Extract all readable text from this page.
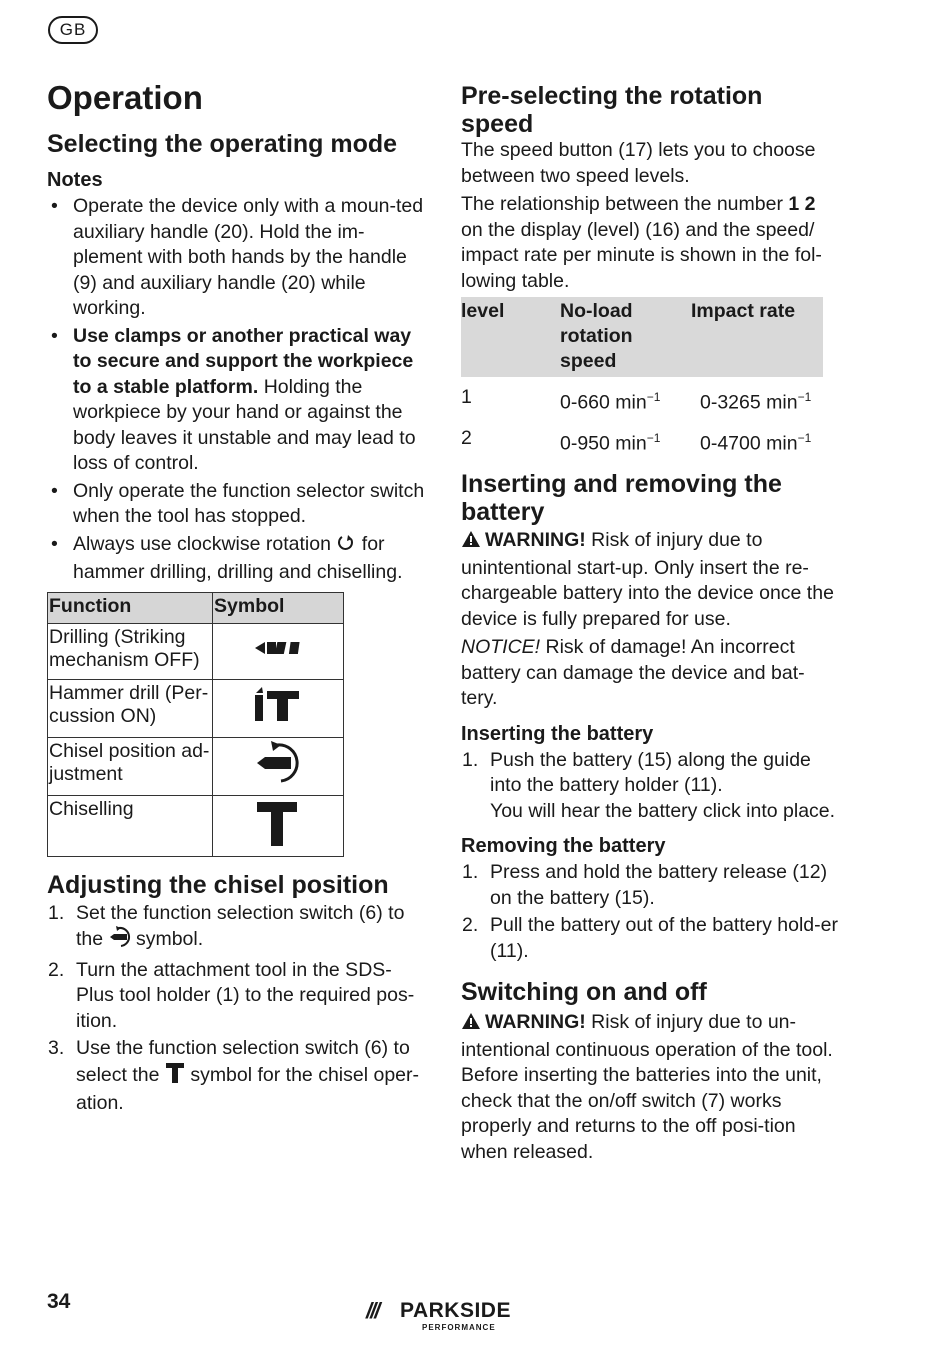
GB
Operation
Selecting the operating mode
Notes
• Operate the device only with a moun-ted auxiliary handle (20). Hold the im-plement with both hands by the handle (9) and auxiliary handle (20) while working.
• Use clamps or another practical way to secure and support the workpiece to a stable platform. Holding the workpiece by your hand or against the body leaves it unstable and may lead to loss of control.
• Only operate the function selector switch when the tool has stopped.
• Always use clockwise rotation for hammer drilling, drilling and chiselling.
Function	Symbol
Drilling (Striking mechanism OFF)	
Hammer drill (Per-cussion ON)	
Chisel position ad-justment	
Chiselling	
Adjusting the chisel position
1. Set the function selection switch (6) to the symbol.
2. Turn the attachment tool in the SDS-Plus tool holder (1) to the required pos-ition.
3. Use the function selection switch (6) to select the symbol for the chisel oper-ation.
Pre-selecting the rotation speed

The speed button (17) lets you to choose between two speed levels.

The relationship between the number 1 2 on the display (level) (16) and the speed/ impact rate per minute is shown in the fol-lowing table.

level	No-load rotation speed	Impact rate
1	0-660 $\min^{-1}$	0-3265 $\min^{-1}$
2	0-950 $\min^{-1}$	0-4700 $\min^{-1}$
Inserting and removing the battery

WARNING! Risk of injury due to unintentional start-up. Only insert the re-chargeable battery into the device once the device is fully prepared for use.

NOTICE! Risk of damage! An incorrect battery can damage the device and bat-tery.

Inserting the battery
1. Push the battery (15) along the guide into the battery holder (11).
You will hear the battery click into place.
Removing the battery
1. Press and hold the battery release (12) on the battery (15).
2. Pull the battery out of the battery hold-er (11).
Switching on and off

WARNING! Risk of injury due to un-intentional continuous operation of the tool. Before inserting the batteries into the unit, check that the on/off switch (7) works properly and returns to the off posi-tion when released.

34	/// PARKSIDE
PERFORMANCE
